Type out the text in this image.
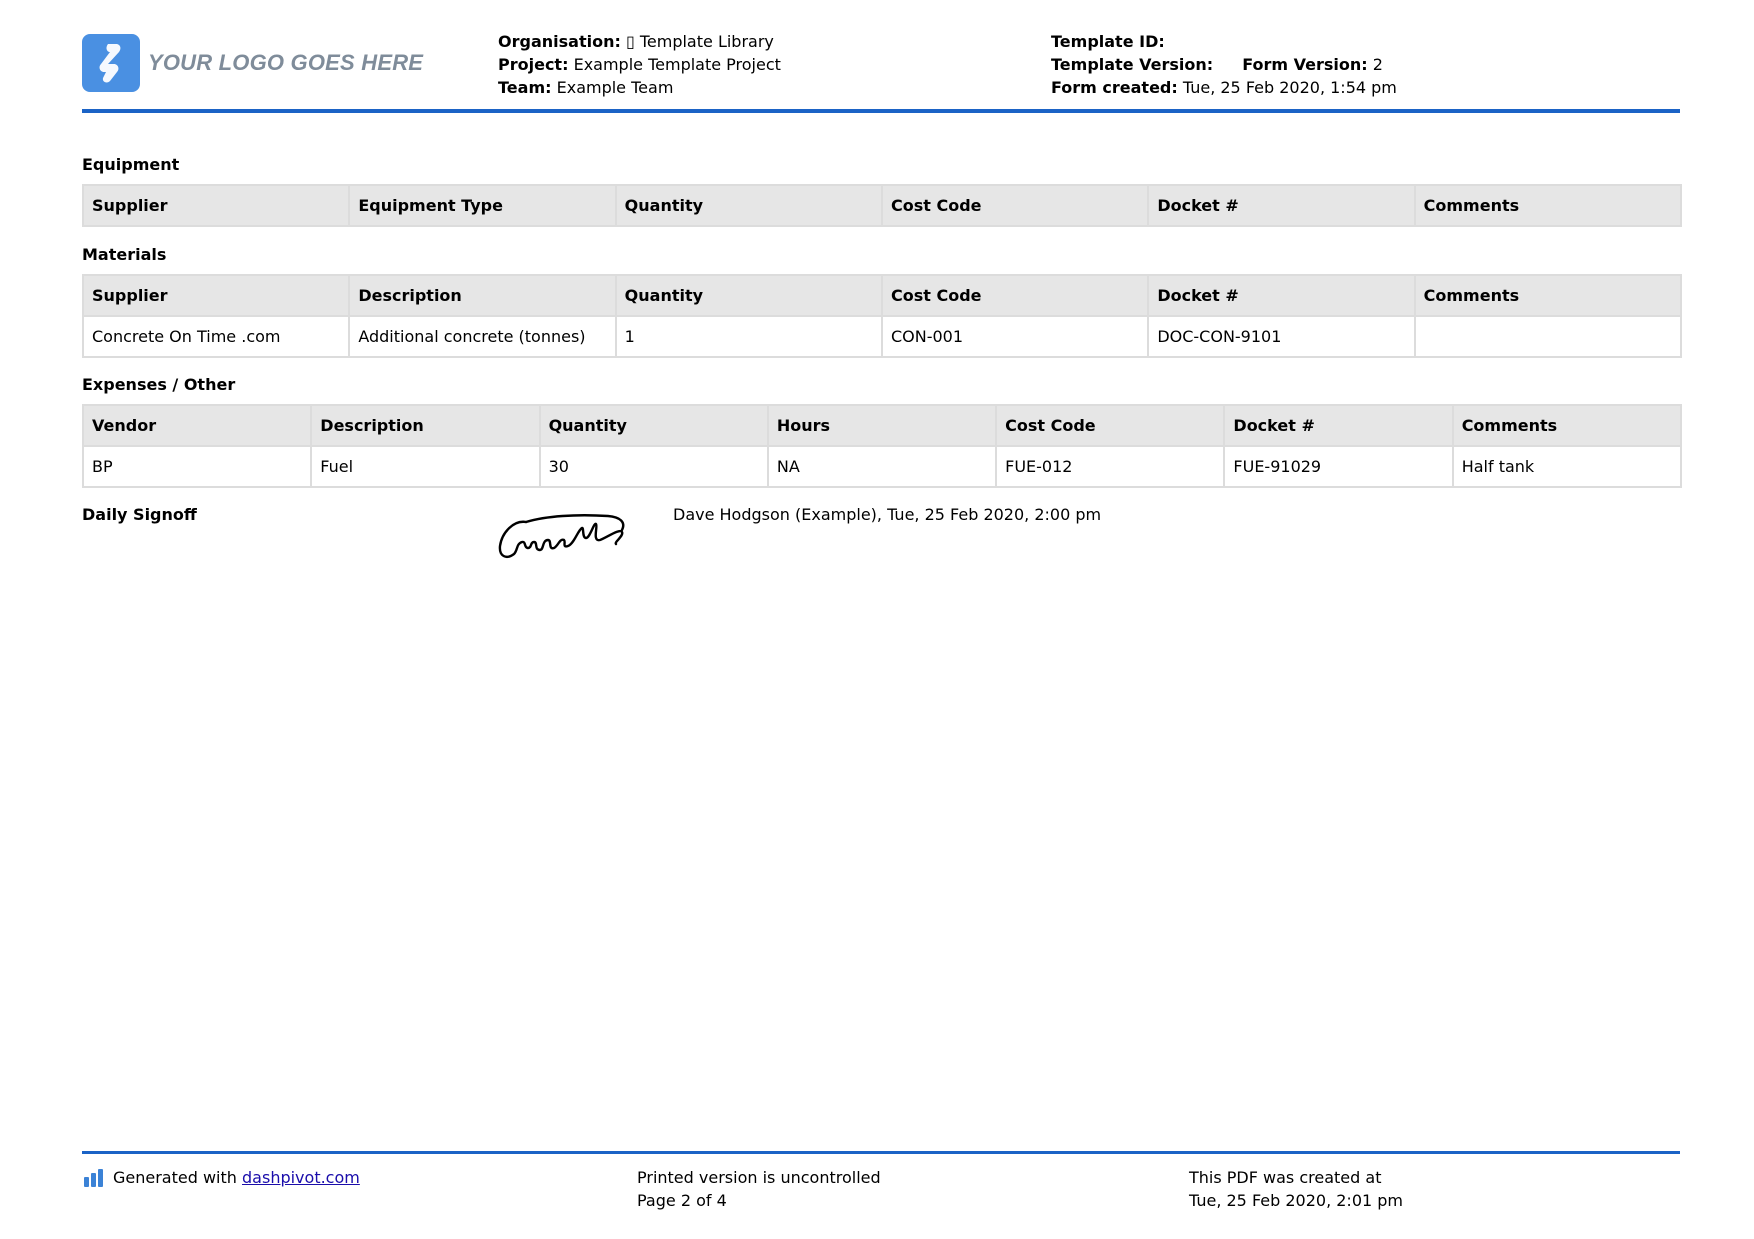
YOUR LOGO GOES HERE
Organisation: ▯ Template Library
Project: Example Template Project
Team: Example Team
Template ID:
Template Version: Form Version: 2
Form created: Tue, 25 Feb 2020, 1:54 pm
Equipment
Supplier	Equipment Type	Quantity	Cost Code	Docket #	Comments
Materials
Supplier	Description	Quantity	Cost Code	Docket #	Comments
Concrete On Time .com	Additional concrete (tonnes)	1	CON-001	DOC-CON-9101	
Expenses / Other
Vendor	Description	Quantity	Hours	Cost Code	Docket #	Comments
BP	Fuel	30	NA	FUE-012	FUE-91029	Half tank
Daily Signoff	Dave Hodgson (Example), Tue, 25 Feb 2020, 2:00 pm
Generated with
dashpivot.com	Printed version is uncontrolled
Page 2 of 4
This PDF was created at
Tue, 25 Feb 2020, 2:01 pm
